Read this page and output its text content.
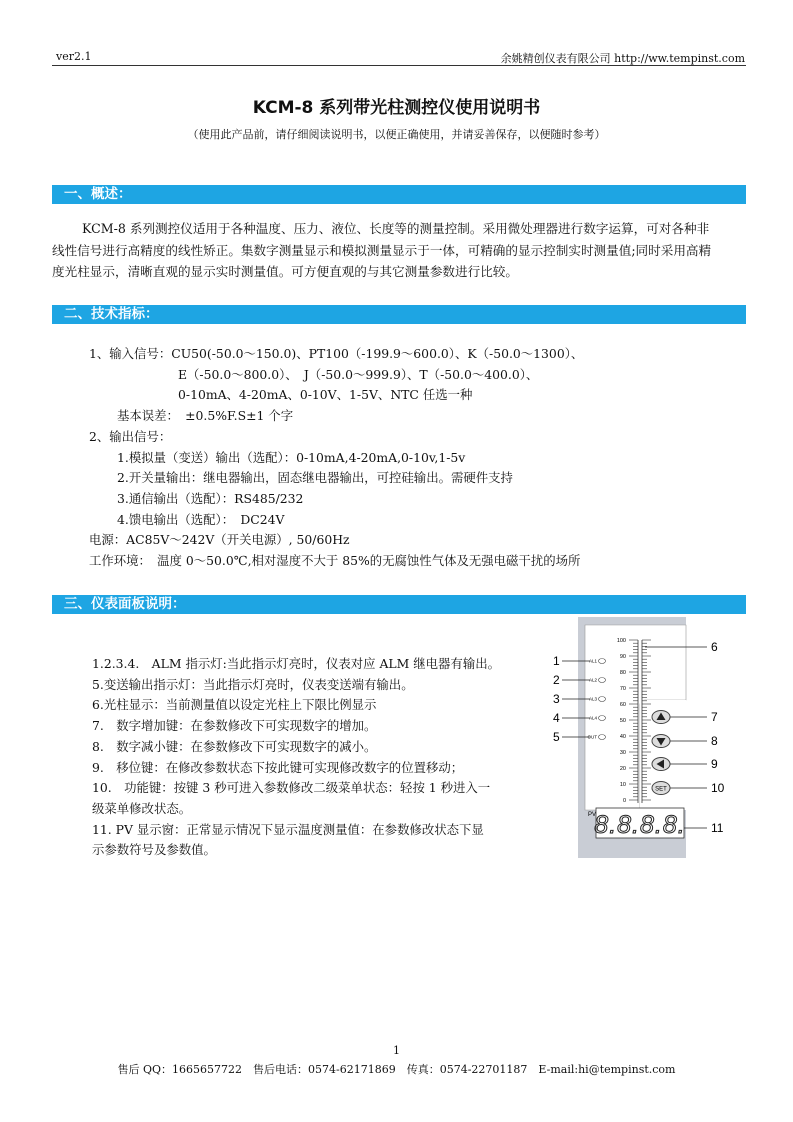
ver2.1	余姚精创仪表有限公司 http://ww.tempinst.com
KCM-8 系列带光柱测控仪使用说明书
（使用此产品前，请仔细阅读说明书，以便正确使用，并请妥善保存，以便随时参考）
一、概述：
KCM-8 系列测控仪适用于各种温度、压力、液位、长度等的测量控制。采用微处理器进行数字运算，可对各种非线性信号进行高精度的线性矫正。集数字测量显示和模拟测量显示于一体，可精确的显示控制实时测量值;同时采用高精度光柱显示，清晰直观的显示实时测量值。可方便直观的与其它测量参数进行比较。
二、技术指标：
1、输入信号：CU50(-50.0～150.0)、PT100（-199.9～600.0）、K（-50.0～1300）、
E（-50.0～800.0）、　J（-50.0～999.9）、T（-50.0～400.0）、
0-10mA、4-20mA、0-10V、1-5V、NTC 任选一种
基本误差：　±0.5%F.S±1 个字
2、输出信号：
1.模拟量（变送）输出（选配）：0-10mA,4-20mA,0-10v,1-5v
2.开关量输出：继电器输出，固态继电器输出，可控硅输出。需硬件支持
3.通信输出（选配）：RS485/232
4.馈电输出（选配）：　DC24V
电源：AC85V～242V（开关电源）, 50/60Hz
工作环境：　温度 0～50.0℃,相对湿度不大于 85%的无腐蚀性气体及无强电磁干扰的场所
三、仪表面板说明：
1.2.3.4.　ALM 指示灯:当此指示灯亮时，仪表对应 ALM 继电器有输出。
5.变送输出指示灯：当此指示灯亮时，仪表变送端有输出。
6.光柱显示：当前测量值以设定光柱上下限比例显示
7.　数字增加键：在参数修改下可实现数字的增加。
8.　数字减小键：在参数修改下可实现数字的减小。
9.　移位键：在修改参数状态下按此键可实现修改数字的位置移动；
10.　功能键：按键 3 秒可进入参数修改二级菜单状态：轻按 1 秒进入一
级菜单修改状态。
11. PV 显示窗：正常显示情况下显示温度测量值：在参数修改状态下显
示参数符号及参数值。
100
90
80
70
60
50
40
30
20
10
0
AL1
AL2
AL3
AL4
OUT
SET
PV
8.8.8.8.
1
2
3
4
5
6
7
8
9
10
11
1
售后 QQ：1665657722　售后电话：0574-62171869　传真：0574-22701187　E-mail:hi@tempinst.com
